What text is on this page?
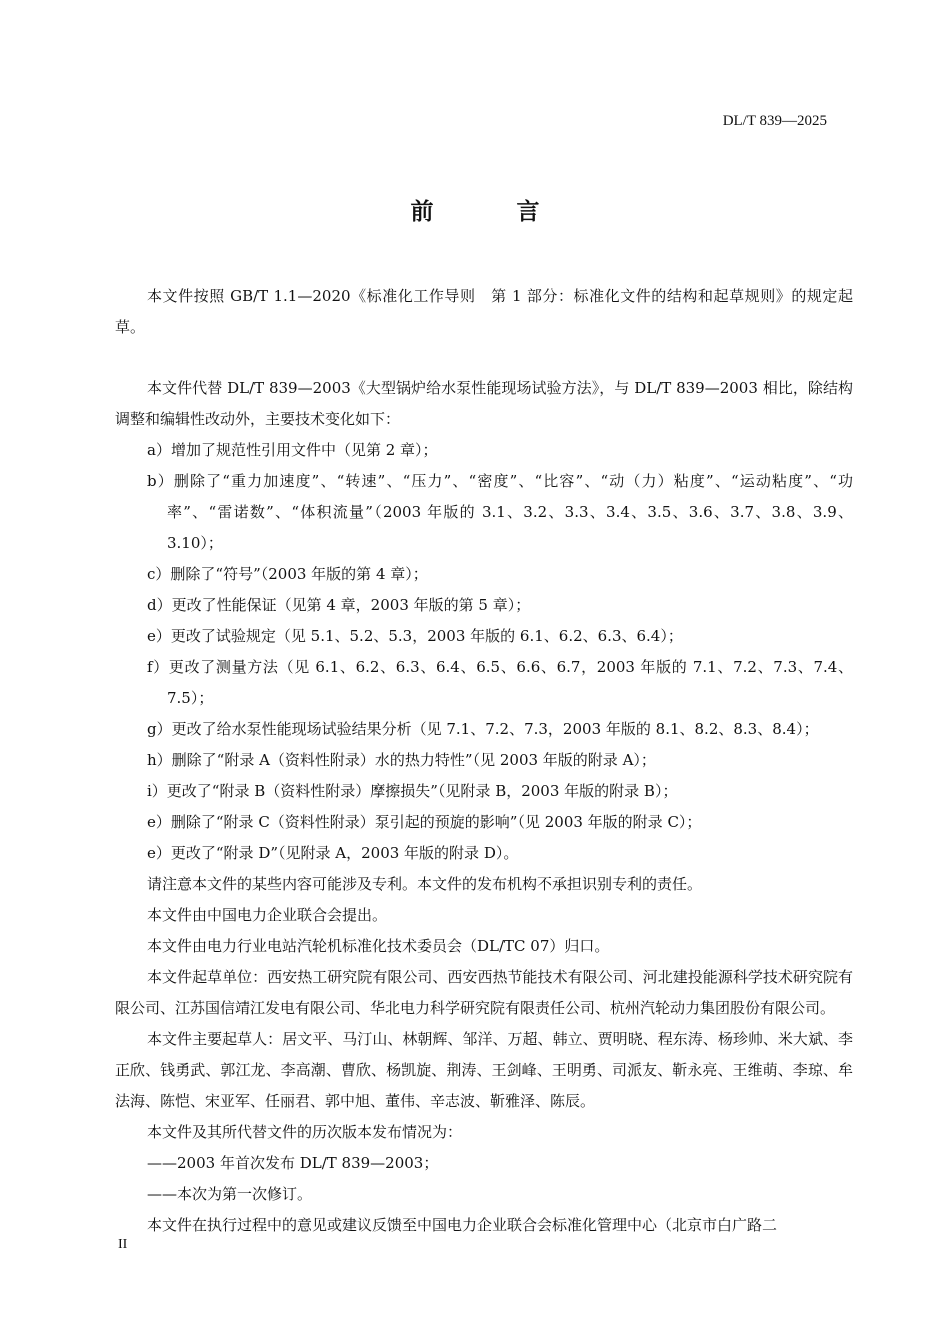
DL/T 839—2025
前　言

本文件按照 GB/T 1.1—2020《标准化工作导则　第 1 部分：标准化文件的结构和起草规则》的规定起草。

本文件代替 DL/T 839—2003《大型锅炉给水泵性能现场试验方法》，与 DL/T 839—2003 相比，除结构调整和编辑性改动外，主要技术变化如下：

a）增加了规范性引用文件中（见第 2 章）；

b）删除了“重力加速度”、“转速”、“压力”、“密度”、“比容”、“动（力）粘度”、“运动粘度”、“功率”、“雷诺数”、“体积流量”（2003 年版的 3.1、3.2、3.3、3.4、3.5、3.6、3.7、3.8、3.9、3.10）；

c）删除了“符号”（2003 年版的第 4 章）；

d）更改了性能保证（见第 4 章，2003 年版的第 5 章）；

e）更改了试验规定（见 5.1、5.2、5.3，2003 年版的 6.1、6.2、6.3、6.4）；

f）更改了测量方法（见 6.1、6.2、6.3、6.4、6.5、6.6、6.7，2003 年版的 7.1、7.2、7.3、7.4、7.5）；

g）更改了给水泵性能现场试验结果分析（见 7.1、7.2、7.3，2003 年版的 8.1、8.2、8.3、8.4）；

h）删除了“附录 A（资料性附录）水的热力特性”（见 2003 年版的附录 A）；

i）更改了“附录 B（资料性附录）摩擦损失”（见附录 B，2003 年版的附录 B）；

e）删除了“附录 C（资料性附录）泵引起的预旋的影响”（见 2003 年版的附录 C）；

e）更改了“附录 D”（见附录 A，2003 年版的附录 D）。

请注意本文件的某些内容可能涉及专利。本文件的发布机构不承担识别专利的责任。

本文件由中国电力企业联合会提出。

本文件由电力行业电站汽轮机标准化技术委员会（DL/TC 07）归口。

本文件起草单位：西安热工研究院有限公司、西安西热节能技术有限公司、河北建投能源科学技术研究院有限公司、江苏国信靖江发电有限公司、华北电力科学研究院有限责任公司、杭州汽轮动力集团股份有限公司。

本文件主要起草人：居文平、马汀山、林朝辉、邹洋、万超、韩立、贾明晓、程东涛、杨珍帅、米大斌、李正欣、钱勇武、郭江龙、李高潮、曹欣、杨凯旋、荆涛、王剑峰、王明勇、司派友、靳永亮、王维萌、李琼、牟法海、陈恺、宋亚军、任丽君、郭中旭、董伟、辛志波、靳雅泽、陈辰。

本文件及其所代替文件的历次版本发布情况为：

——2003 年首次发布 DL/T 839—2003；

——本次为第一次修订。

本文件在执行过程中的意见或建议反馈至中国电力企业联合会标准化管理中心（北京市白广路二

II
